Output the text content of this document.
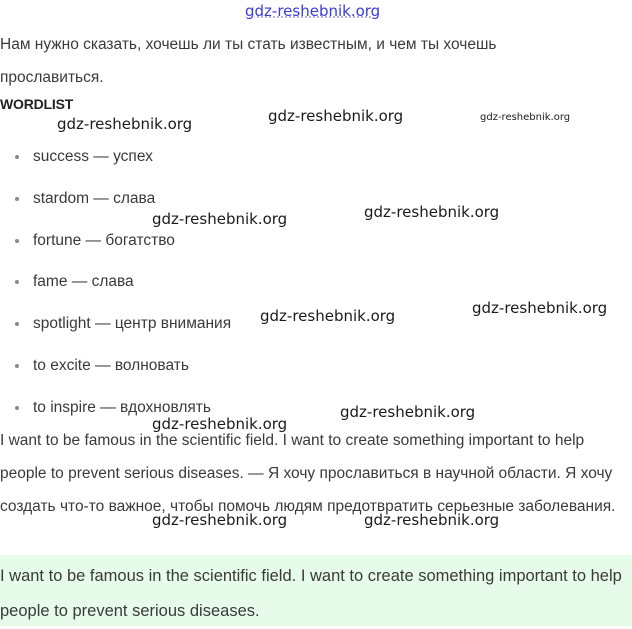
gdz-reshebnik.org

Нам нужно сказать, хочешь ли ты стать известным, и чем ты хочешь прославиться.

WORDLIST

success — успех
stardom — слава
fortune — богатство
fame — слава
spotlight — центр внимания
to excite — волновать
to inspire — вдохновлять

I want to be famous in the scientific field. I want to create something important to help people to prevent serious diseases. — Я хочу прославиться в научной области. Я хочу создать что-то важное, чтобы помочь людям предотвратить серьезные заболевания.

I want to be famous in the scientific field. I want to create something important to help people to prevent serious diseases.

gdz-reshebnik.org	gdz-reshebnik.org	gdz-reshebnik.org
gdz-reshebnik.org	gdz-reshebnik.org
gdz-reshebnik.org	gdz-reshebnik.org
gdz-reshebnik.org
gdz-reshebnik.org
gdz-reshebnik.org	gdz-reshebnik.org
